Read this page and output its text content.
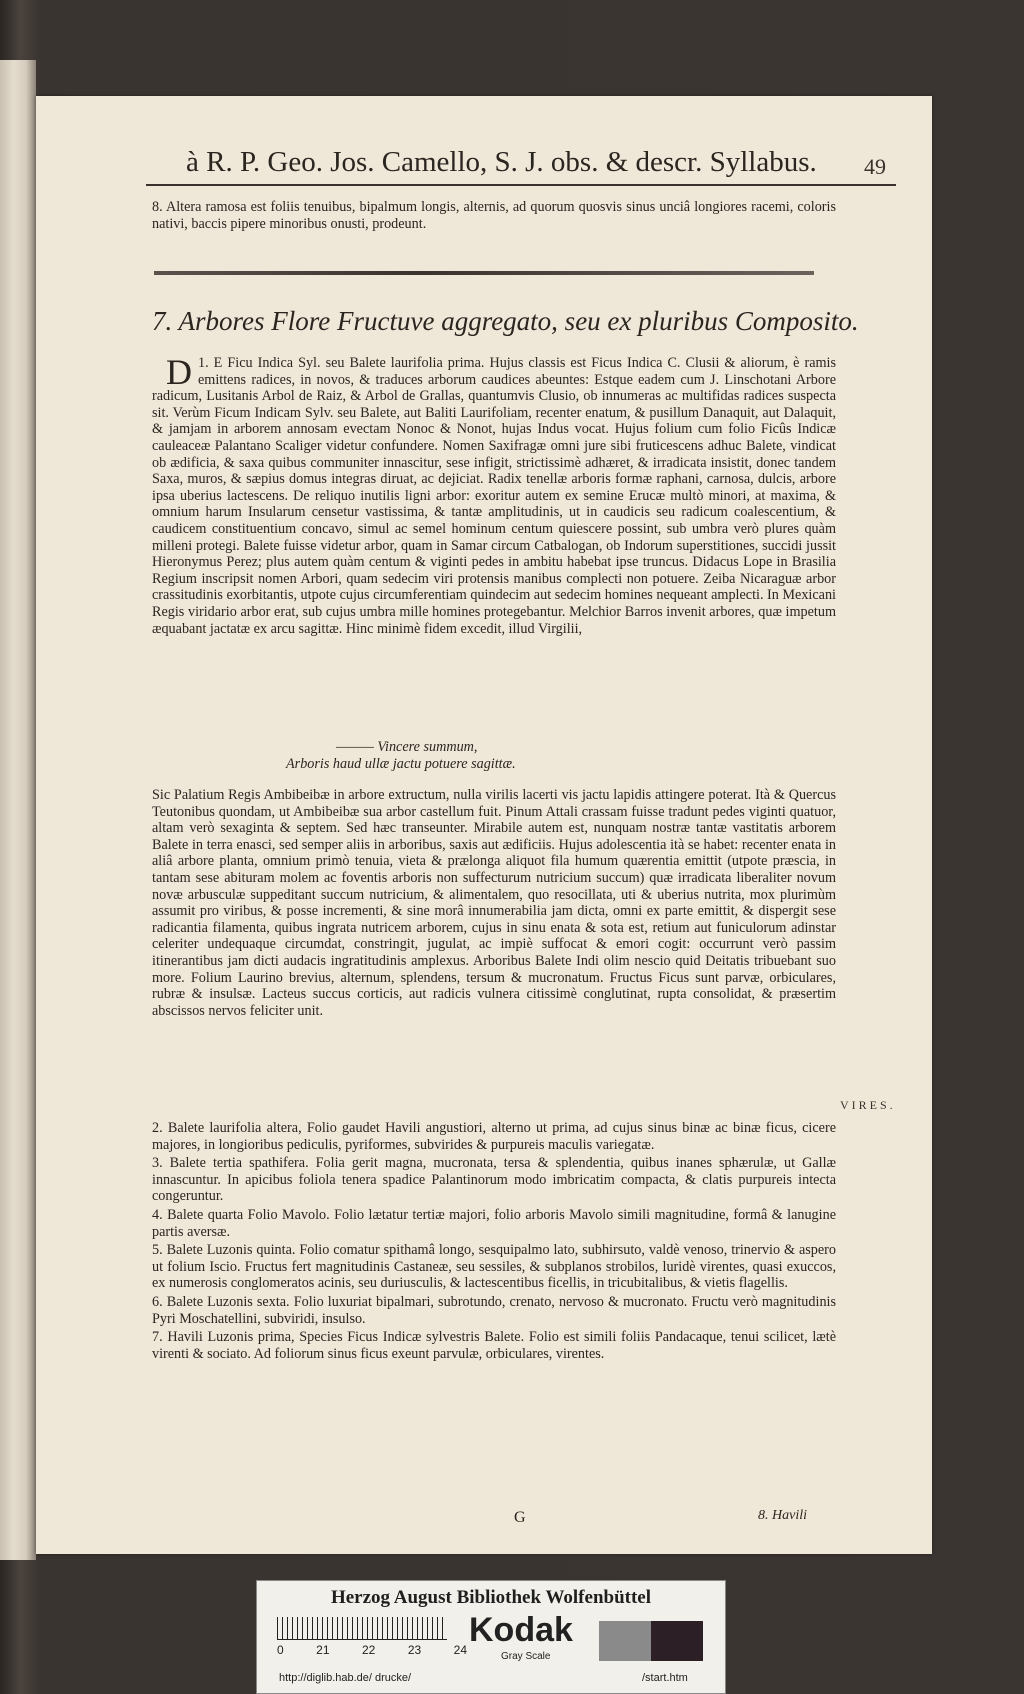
à R. P. Geo. Jos. Camello, S. J. obs. & descr. Syllabus. 49
8. Altera ramosa est foliis tenuibus, bipalmum longis, alternis, ad quorum quosvis sinus unciâ longiores racemi, coloris nativi, baccis pipere minoribus onusti, prodeunt.
7. Arbores Flore Fructuve aggregato, seu ex pluribus Composito.
1.
D E Ficu Indica Syl. seu Balete laurifolia prima. Hujus classis est Ficus Indica C. Clusii & aliorum, è ramis emittens radices, in novos, & traduces arborum caudices abeuntes: Estque eadem cum J. Linschotani Arbore radicum, Lusitanis Arbol de Raiz, & Arbol de Grallas, quantumvis Clusio, ob innumeras ac multifidas radices suspecta sit. Verùm Ficum Indicam Sylv. seu Balete, aut Baliti Laurifoliam, recenter enatum, & pusillum Danaquit, aut Dalaquit, & jamjam in arborem annosam evectam Nonoc & Nonot, hujas Indus vocat. Hujus folium cum folio Ficûs Indicæ cauleaceæ Palantano Scaliger videtur confundere. Nomen Saxifragæ omni jure sibi fruticescens adhuc Balete, vindicat ob ædificia, & saxa quibus communiter innascitur, sese infigit, strictissimè adhæret, & irradicata insistit, donec tandem Saxa, muros, & sæpius domus integras diruat, ac dejiciat. Radix tenellæ arboris formæ raphani, carnosa, dulcis, arbore ipsa uberius lactescens. De reliquo inutilis ligni arbor: exoritur autem ex semine Erucæ multò minori, at maxima, & omnium harum Insularum censetur vastissima, & tantæ amplitudinis, ut in caudicis seu radicum coalescentium, & caudicem constituentium concavo, simul ac semel hominum centum quiescere possint, sub umbra verò plures quàm milleni protegi. Balete fuisse videtur arbor, quam in Samar circum Catbalogan, ob Indorum superstitiones, succidi jussit Hieronymus Perez; plus autem quàm centum & viginti pedes in ambitu habebat ipse truncus. Didacus Lope in Brasilia Regium inscripsit nomen Arbori, quam sedecim viri protensis manibus complecti non potuere. Zeiba Nicaraguæ arbor crassitudinis exorbitantis, utpote cujus circumferentiam quindecim aut sedecim homines nequeant amplecti. In Mexicani Regis viridario arbor erat, sub cujus umbra mille homines protegebantur. Melchior Barros invenit arbores, quæ impetum æquabant jactatæ ex arcu sagittæ. Hinc minimè fidem excedit, illud Virgilii,
——— Vincere summum,
Arboris haud ullæ jactu potuere sagittæ.
Sic Palatium Regis Ambibeibæ in arbore extructum, nulla virilis lacerti vis jactu lapidis attingere poterat. Ità & Quercus Teutonibus quondam, ut Ambibeibæ sua arbor castellum fuit. Pinum Attali crassam fuisse tradunt pedes viginti quatuor, altam verò sexaginta & septem. Sed hæc transeunter. Mirabile autem est, nunquam nostræ tantæ vastitatis arborem Balete in terra enasci, sed semper aliis in arboribus, saxis aut ædificiis. Hujus adolescentia ità se habet: recenter enata in aliâ arbore planta, omnium primò tenuia, vieta & prælonga aliquot fila humum quærentia emittit (utpote præscia, in tantam sese abituram molem ac foventis arboris non suffecturum nutricium succum) quæ irradicata liberaliter novum novæ arbusculæ suppeditant succum nutricium, & alimentalem, quo resocillata, uti & uberius nutrita, mox plurimùm assumit pro viribus, & posse incrementi, & sine morâ innumerabilia jam dicta, omni ex parte emittit, & dispergit sese radicantia filamenta, quibus ingrata nutricem arborem, cujus in sinu enata & sota est, retium aut funiculorum adinstar celeriter undequaque circumdat, constringit, jugulat, ac impiè suffocat & emori cogit: occurrunt verò passim itinerantibus jam dicti audacis ingratitudinis amplexus. Arboribus Balete Indi olim nescio quid Deitatis tribuebant suo more. Folium Laurino brevius, alternum, splendens, tersum & mucronatum. Fructus Ficus sunt parvæ, orbiculares, rubræ & insulsæ. Lacteus succus corticis, aut radicis vulnera citissimè conglutinat, rupta consolidat, & præsertim abscissos nervos feliciter unit.
VIRES.
2. Balete laurifolia altera, Folio gaudet Havili angustiori, alterno ut prima, ad cujus sinus binæ ac binæ ficus, cicere majores, in longioribus pediculis, pyriformes, subvirides & purpureis maculis variegatæ.
3. Balete tertia spathifera. Folia gerit magna, mucronata, tersa & splendentia, quibus inanes sphærulæ, ut Gallæ innascuntur. In apicibus foliola tenera spadice Palantinorum modo imbricatim compacta, & clatis purpureis intecta congeruntur.
4. Balete quarta Folio Mavolo. Folio lætatur tertiæ majori, folio arboris Mavolo simili magnitudine, formâ & lanugine partis aversæ.
5. Balete Luzonis quinta. Folio comatur spithamâ longo, sesquipalmo lato, subhirsuto, valdè venoso, trinervio & aspero ut folium Iscio. Fructus fert magnitudinis Castaneæ, seu sessiles, & subplanos strobilos, luridè virentes, quasi exuccos, ex numerosis conglomeratos acinis, seu duriusculis, & lactescentibus ficellis, in tricubitalibus, & vietis flagellis.
6. Balete Luzonis sexta. Folio luxuriat bipalmari, subrotundo, crenato, nervoso & mucronato. Fructu verò magnitudinis Pyri Moschatellini, subviridi, insulso.
7. Havili Luzonis prima, Species Ficus Indicæ sylvestris Balete. Folio est simili foliis Pandacaque, tenui scilicet, lætè virenti & sociato. Ad foliorum sinus ficus exeunt parvulæ, orbiculares, virentes.
G	8. Havili
Herzog August Bibliothek Wolfenbüttel
0	21	22	23	24
Kodak
Gray Scale
http://diglib.hab.de/ drucke/	/start.htm
